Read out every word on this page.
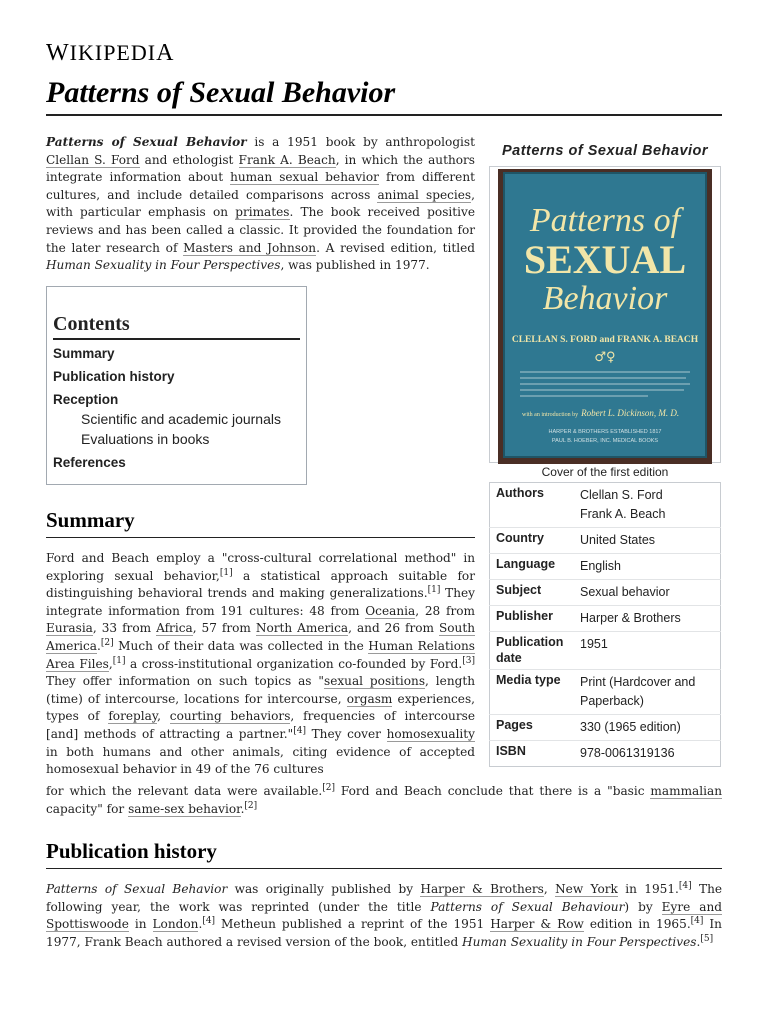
WIKIPEDIA
Patterns of Sexual Behavior

Patterns of Sexual Behavior is a 1951 book by anthropologist Clellan S. Ford and ethologist Frank A. Beach, in which the authors integrate information about human sexual behavior from different cultures, and include detailed comparisons across animal species, with particular emphasis on primates. The book received positive reviews and has been called a classic. It provided the foundation for the later research of Masters and Johnson. A revised edition, titled Human Sexuality in Four Perspectives, was published in 1977.

Contents
Summary
Publication history
Reception
Scientific and academic journals
Evaluations in books
References
Summary

Ford and Beach employ a "cross-cultural correlational method" in exploring sexual behavior,[1] a statistical approach suitable for distinguishing behavioral trends and making generalizations.[1] They integrate information from 191 cultures: 48 from Oceania, 28 from Eurasia, 33 from Africa, 57 from North America, and 26 from South America.[2] Much of their data was collected in the Human Relations Area Files,[1] a cross-institutional organization co-founded by Ford.[3] They offer information on such topics as "sexual positions, length (time) of intercourse, locations for intercourse, orgasm experiences, types of foreplay, courting behaviors, frequencies of intercourse [and] methods of attracting a partner."[4] They cover homosexuality in both humans and other animals, citing evidence of accepted homosexual behavior in 49 of the 76 cultures

for which the relevant data were available.[2] Ford and Beach conclude that there is a "basic mammalian capacity" for same-sex behavior.[2]

Publication history

Patterns of Sexual Behavior was originally published by Harper & Brothers, New York in 1951.[4] The following year, the work was reprinted (under the title Patterns of Sexual Behaviour) by Eyre and Spottiswoode in London.[4] Metheun published a reprint of the 1951 Harper & Row edition in 1965.[4] In 1977, Frank Beach authored a revised version of the book, entitled Human Sexuality in Four Perspectives.[5]

Patterns of Sexual Behavior
Patterns of
SEXUAL
Behavior
CLELLAN S. FORD and FRANK A. BEACH
♂♀
with an introduction by Robert L. Dickinson, M. D.
HARPER & BROTHERS ESTABLISHED 1817
PAUL B. HOEBER, INC. MEDICAL BOOKS
Cover of the first edition
Authors	Clellan S. Ford
Frank A. Beach

Country	United States
Language	English
Subject	Sexual behavior
Publisher	Harper & Brothers
Publication date	1951
Media type	Print (Hardcover and Paperback)
Pages	330 (1965 edition)
ISBN	978-0061319136
